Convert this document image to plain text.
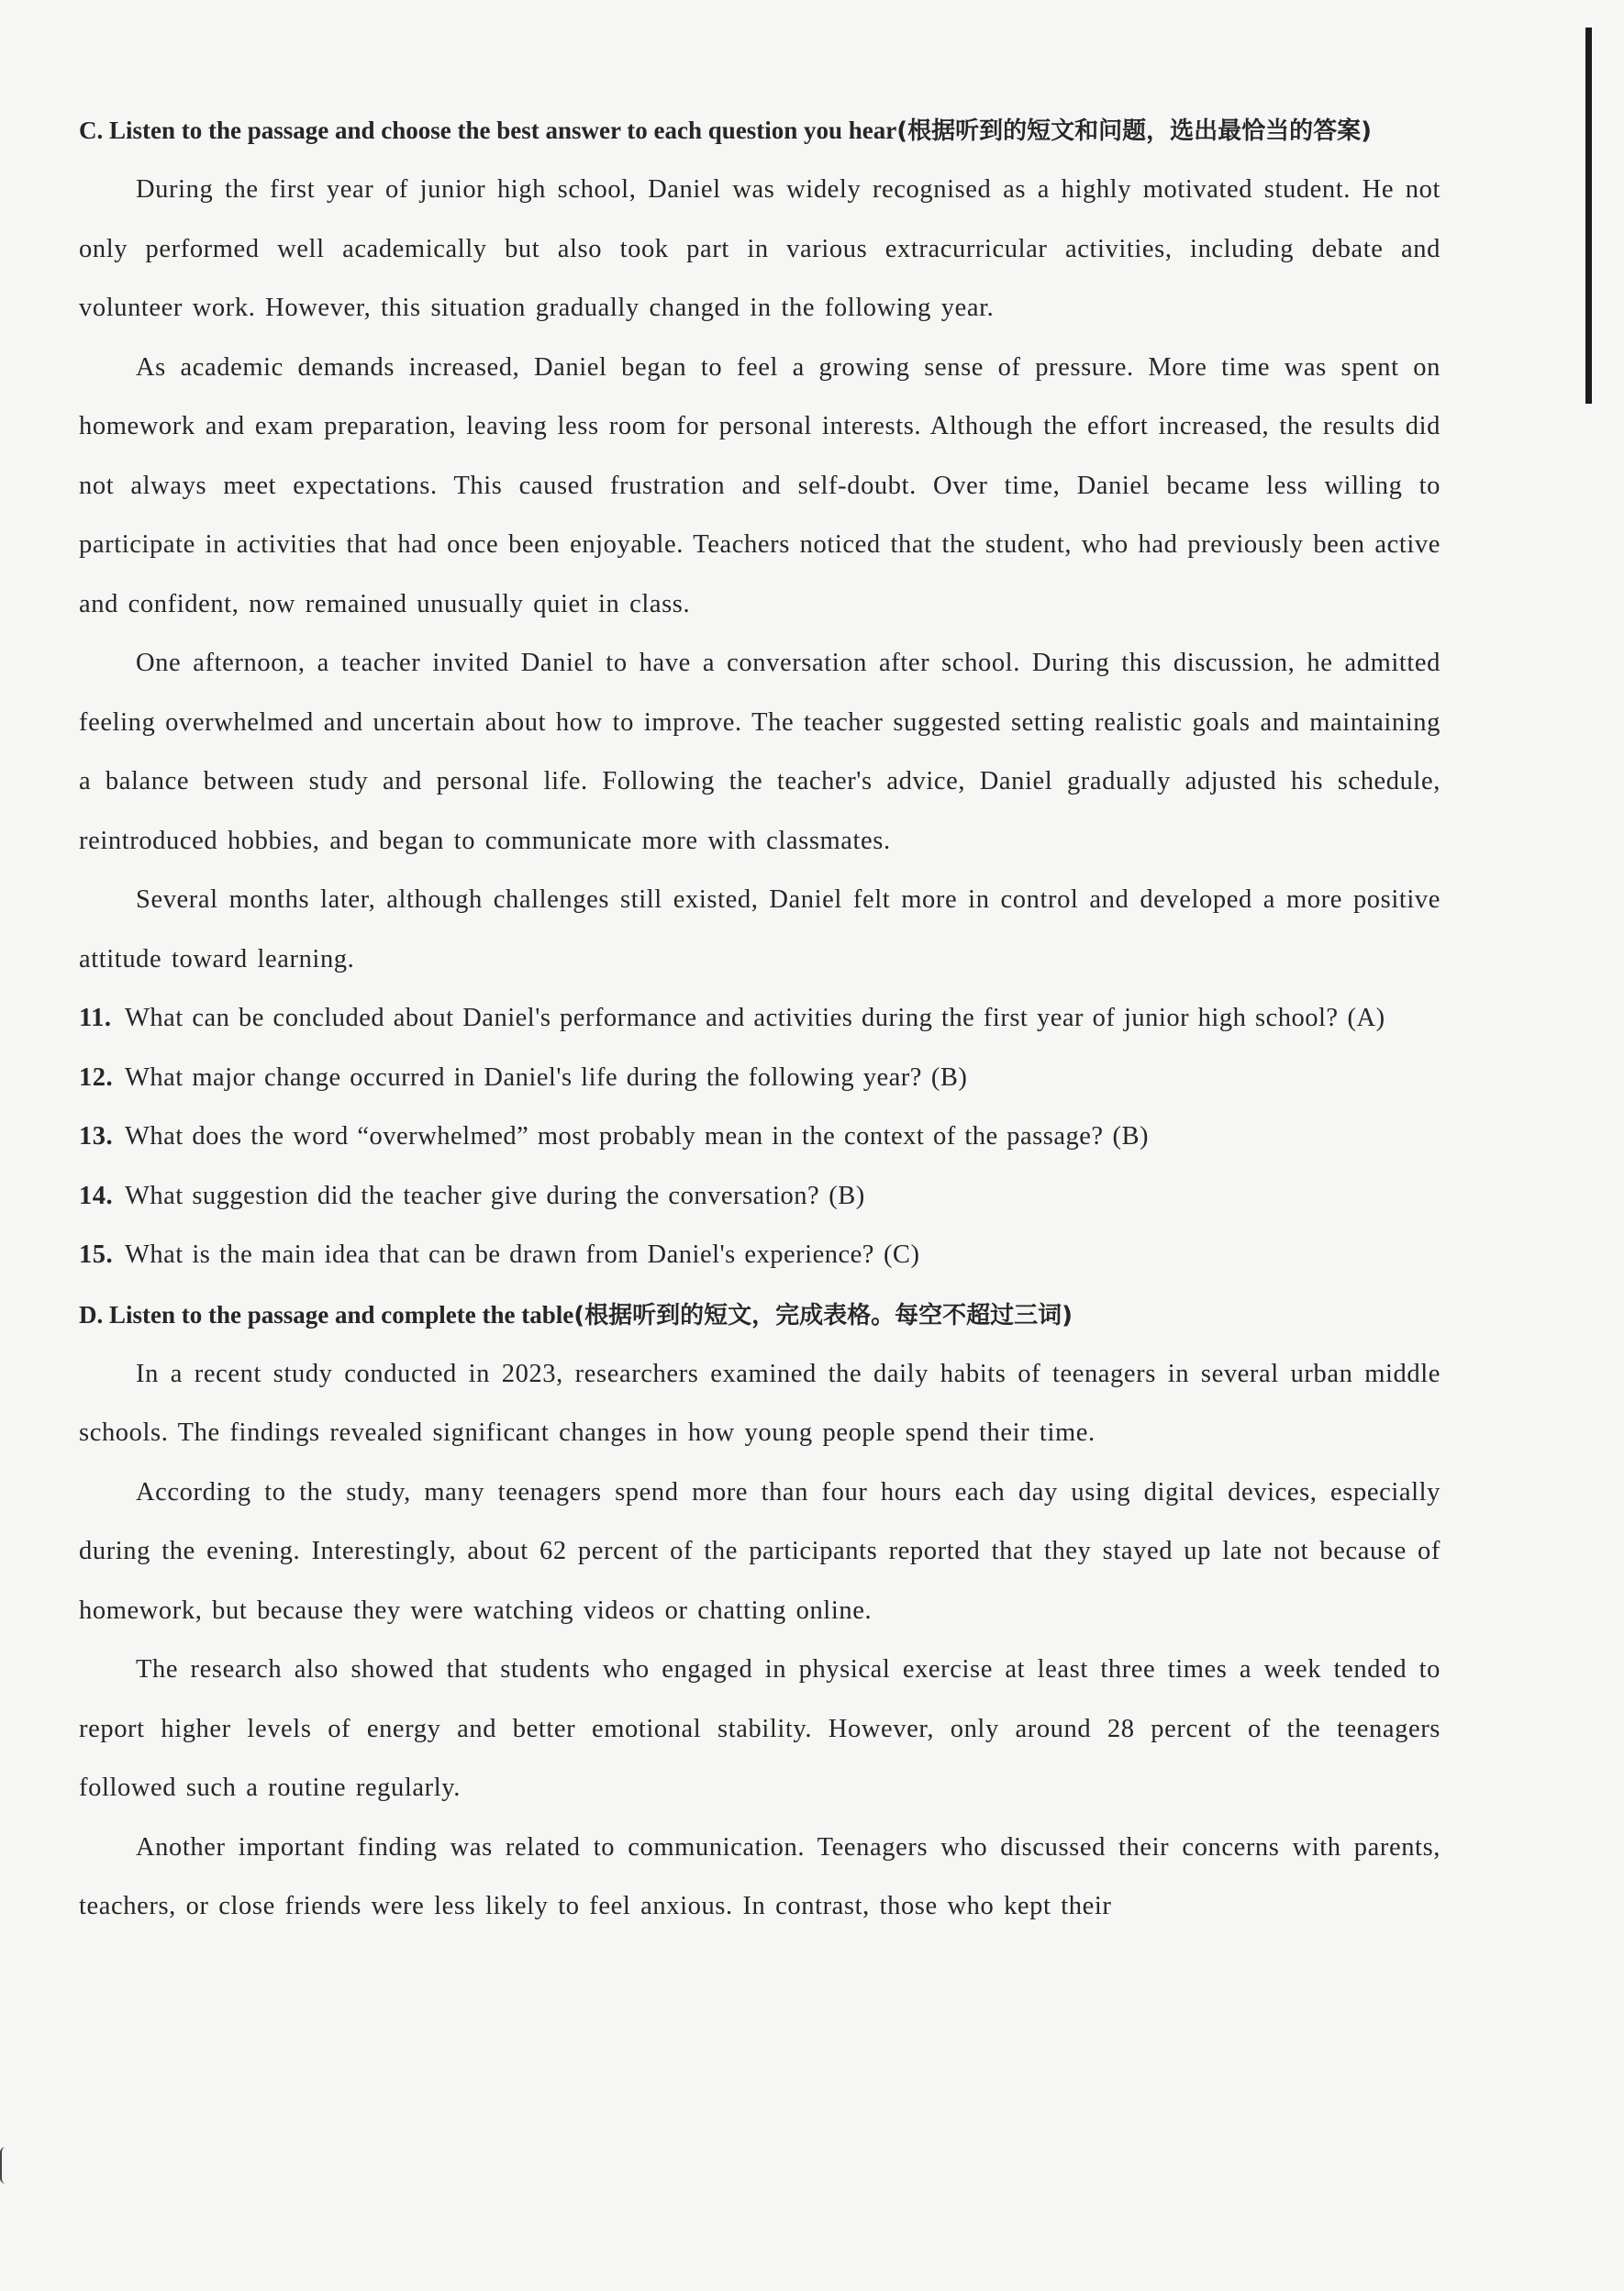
C. Listen to the passage and choose the best answer to each question you hear(根据听到的短文和问题，选出最恰当的答案)

During the first year of junior high school, Daniel was widely recognised as a highly motivated student. He not only performed well academically but also took part in various extracurricular activities, including debate and volunteer work. However, this situation gradually changed in the following year.

As academic demands increased, Daniel began to feel a growing sense of pressure. More time was spent on homework and exam preparation, leaving less room for personal interests. Although the effort increased, the results did not always meet expectations. This caused frustration and self-doubt. Over time, Daniel became less willing to participate in activities that had once been enjoyable. Teachers noticed that the student, who had previously been active and confident, now remained unusually quiet in class.

One afternoon, a teacher invited Daniel to have a conversation after school. During this discussion, he admitted feeling overwhelmed and uncertain about how to improve. The teacher suggested setting realistic goals and maintaining a balance between study and personal life. Following the teacher's advice, Daniel gradually adjusted his schedule, reintroduced hobbies, and began to communicate more with classmates.

Several months later, although challenges still existed, Daniel felt more in control and developed a more positive attitude toward learning.

11. What can be concluded about Daniel's performance and activities during the first year of junior high school? (A)

12. What major change occurred in Daniel's life during the following year? (B)

13. What does the word “overwhelmed” most probably mean in the context of the passage? (B)

14. What suggestion did the teacher give during the conversation? (B)

15. What is the main idea that can be drawn from Daniel's experience? (C)

D. Listen to the passage and complete the table(根据听到的短文，完成表格。每空不超过三词)

In a recent study conducted in 2023, researchers examined the daily habits of teenagers in several urban middle schools. The findings revealed significant changes in how young people spend their time.

According to the study, many teenagers spend more than four hours each day using digital devices, especially during the evening. Interestingly, about 62 percent of the participants reported that they stayed up late not because of homework, but because they were watching videos or chatting online.

The research also showed that students who engaged in physical exercise at least three times a week tended to report higher levels of energy and better emotional stability. However, only around 28 percent of the teenagers followed such a routine regularly.

Another important finding was related to communication. Teenagers who discussed their concerns with parents, teachers, or close friends were less likely to feel anxious. In contrast, those who kept their
